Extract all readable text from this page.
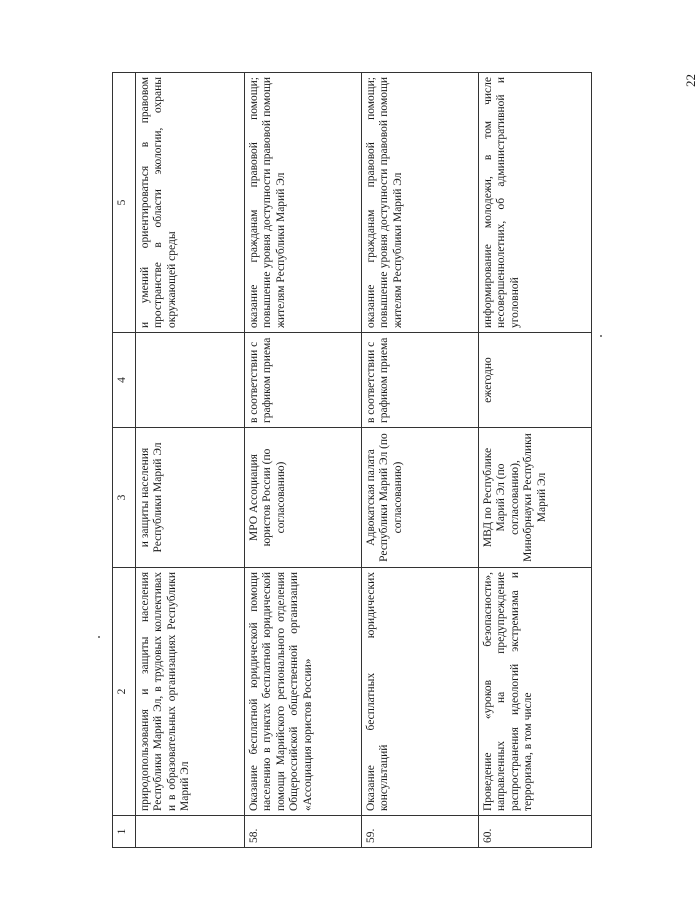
22
1	2	3	4	5
	природопользования и защиты населения Республики Марий Эл, в трудовых коллективах и в образовательных организациях Республики Марий Эл	и защиты населения Республики Марий Эл		и умений ориентироваться в правовом пространстве в области экологии, охраны окружающей среды
58.	Оказание бесплатной юридической помощи населению в пунктах бесплатной юридической помощи Марийского регионального отделения Общероссийской общественной организации «Ассоциация юристов России»	МРО Ассоциация юристов России (по согласованию)	в соответствии с графиком приема	оказание гражданам правовой помощи; повышение уровня доступности правовой помощи жителям Республики Марий Эл
59.	Оказание бесплатных юридических консультаций	Адвокатская палата Республики Марий Эл (по согласованию)	в соответствии с графиком приема	оказание гражданам правовой помощи; повышение уровня доступности правовой помощи жителям Республики Марий Эл
60.	Проведение «уроков безопасности», направленных на предупреждение распространения идеологий экстремизма и терроризма, в том числе	МВД по Республике Марий Эл (по согласованию), Минобрнауки Республики Марий Эл	ежегодно	информирование молодежи, в том числе несовершеннолетних, об административной и уголовной
